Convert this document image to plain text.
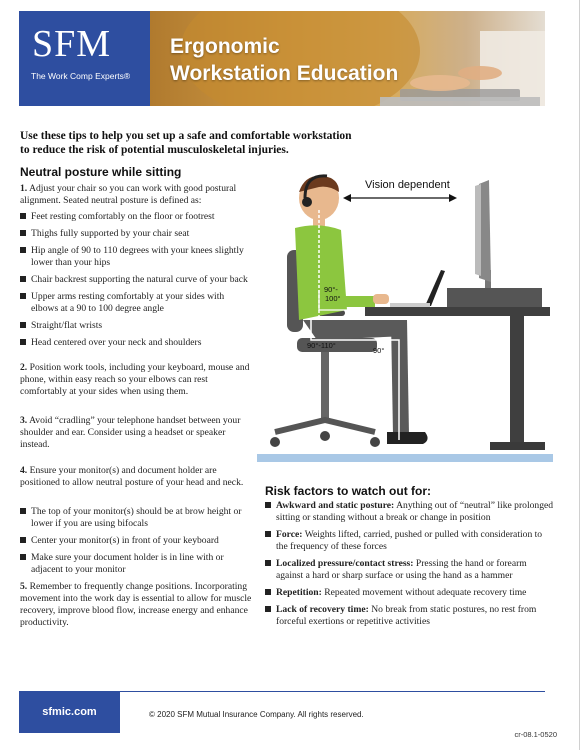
SFM
The Work Comp Experts®
Ergonomic
Workstation Education
Use these tips to help you set up a safe and comfortable workstation to reduce the risk of potential musculoskeletal injuries.
Neutral posture while sitting
1. Adjust your chair so you can work with good postural alignment. Seated neutral posture is defined as:
Feet resting comfortably on the floor or footrest
Thighs fully supported by your chair seat
Hip angle of 90 to 110 degrees with your knees slightly lower than your hips
Chair backrest supporting the natural curve of your back
Upper arms resting comfortably at your sides with elbows at a 90 to 100 degree angle
Straight/flat wrists
Head centered over your neck and shoulders
2. Position work tools, including your keyboard, mouse and phone, within easy reach so your elbows can rest comfortably at your sides when using them.
3. Avoid “cradling” your telephone handset between your shoulder and ear. Consider using a headset or speaker instead.
4. Ensure your monitor(s) and document holder are positioned to allow neutral posture of your head and neck.
The top of your monitor(s) should be at brow height or lower if you are using bifocals
Center your monitor(s) in front of your keyboard
Make sure your document holder is in line with or adjacent to your monitor
5. Remember to frequently change positions. Incorporating movement into the work day is essential to allow for muscle recovery, improve blood flow, increase energy and enhance productivity.
Vision dependent
90°-
100°
90°-110°
90°
Risk factors to watch out for:
Awkward and static posture: Anything out of “neutral” like prolonged sitting or standing without a break or change in position
Force: Weights lifted, carried, pushed or pulled with consideration to the frequency of these forces
Localized pressure/contact stress: Pressing the hand or forearm against a hard or sharp surface or using the hand as a hammer
Repetition: Repeated movement without adequate recovery time
Lack of recovery time: No break from static postures, no rest from forceful exertions or repetitive activities
sfmic.com	© 2020 SFM Mutual Insurance Company. All rights reserved.
cr-08.1-0520
